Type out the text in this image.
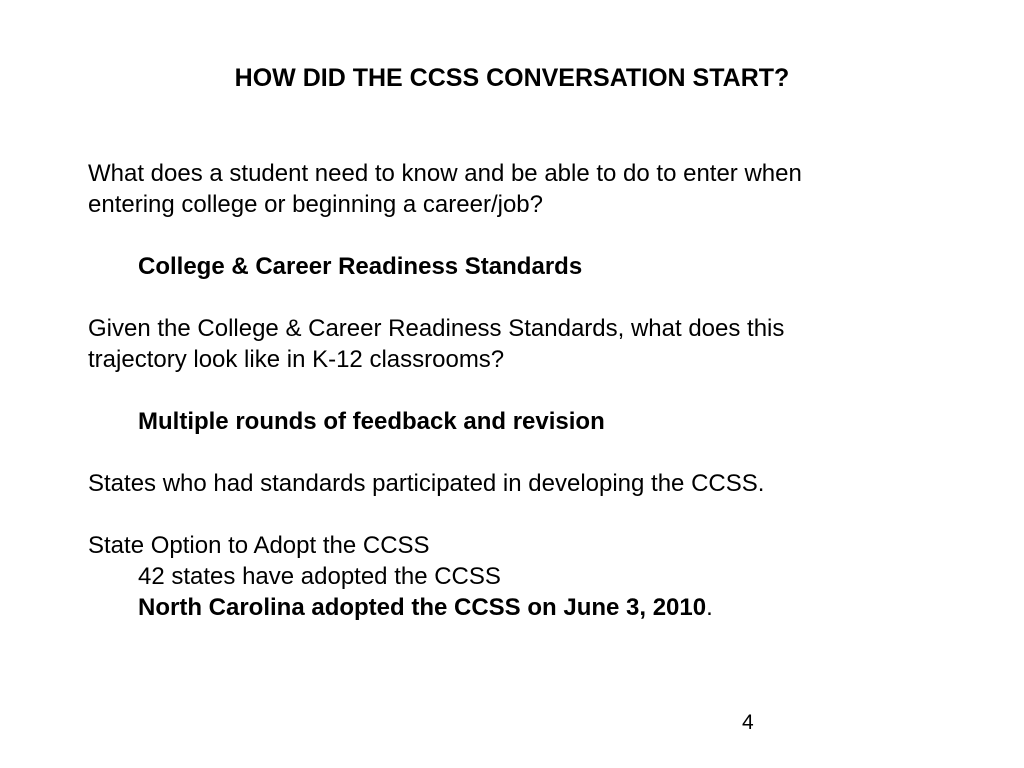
HOW DID THE CCSS CONVERSATION START?

What does a student need to know and be able to do to enter when

entering college or beginning a career/job?

College & Career Readiness Standards

Given the College & Career Readiness Standards, what does this

trajectory look like in K-12 classrooms?

Multiple rounds of feedback and revision

States who had standards participated in developing the CCSS.

State Option to Adopt the CCSS

42 states have adopted the CCSS

North Carolina adopted the CCSS on June 3, 2010.

4
